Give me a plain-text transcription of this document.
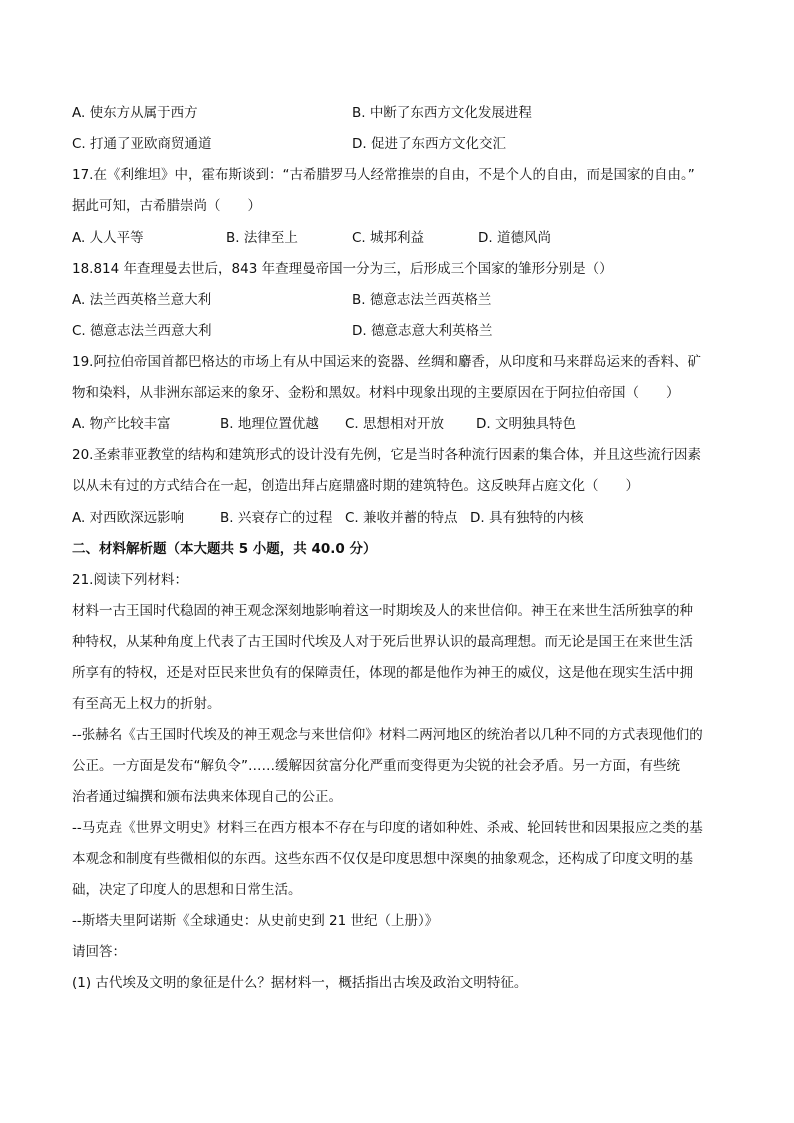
A. 使东方从属于西方	B. 中断了东西方文化发展进程
C. 打通了亚欧商贸通道	D. 促进了东西方文化交汇
17.在《利维坦》中，霍布斯谈到：“古希腊罗马人经常推崇的自由，不是个人的自由，而是国家的自由。”
据此可知，古希腊崇尚（　　）
A. 人人平等	B. 法律至上	C. 城邦利益	D. 道德风尚
18.814 年查理曼去世后，843 年查理曼帝国一分为三，后形成三个国家的雏形分别是（）
A. 法兰西英格兰意大利	B. 德意志法兰西英格兰
C. 德意志法兰西意大利	D. 德意志意大利英格兰
19.阿拉伯帝国首都巴格达的市场上有从中国运来的瓷器、丝绸和麝香，从印度和马来群岛运来的香料、矿
物和染料，从非洲东部运来的象牙、金粉和黑奴。材料中现象出现的主要原因在于阿拉伯帝国（　　）
A. 物产比较丰富	B. 地理位置优越 C. 思想相对开放 D. 文明独具特色
20.圣索菲亚教堂的结构和建筑形式的设计没有先例，它是当时各种流行因素的集合体，并且这些流行因素
以从未有过的方式结合在一起，创造出拜占庭鼎盛时期的建筑特色。这反映拜占庭文化（　　）
A. 对西欧深远影响	B. 兴衰存亡的过程 C. 兼收并蓄的特点 D. 具有独特的内核
二、材料解析题（本大题共 5 小题，共 40.0 分）
21.阅读下列材料：
材料一古王国时代稳固的神王观念深刻地影响着这一时期埃及人的来世信仰。神王在来世生活所独享的种
种特权，从某种角度上代表了古王国时代埃及人对于死后世界认识的最高理想。而无论是国王在来世生活
所享有的特权，还是对臣民来世负有的保障责任，体现的都是他作为神王的威仪，这是他在现实生活中拥
有至高无上权力的折射。
--张赫名《古王国时代埃及的神王观念与来世信仰》材料二两河地区的统治者以几种不同的方式表现他们的
公正。一方面是发布“解负令”……缓解因贫富分化严重而变得更为尖锐的社会矛盾。另一方面，有些统
治者通过编撰和颁布法典来体现自己的公正。
--马克垚《世界文明史》材料三在西方根本不存在与印度的诸如种姓、杀戒、轮回转世和因果报应之类的基
本观念和制度有些微相似的东西。这些东西不仅仅是印度思想中深奥的抽象观念，还构成了印度文明的基
础，决定了印度人的思想和日常生活。
--斯塔夫里阿诺斯《全球通史：从史前史到 21 世纪（上册）》
请回答：
(1) 古代埃及文明的象征是什么？据材料一，概括指出古埃及政治文明特征。
